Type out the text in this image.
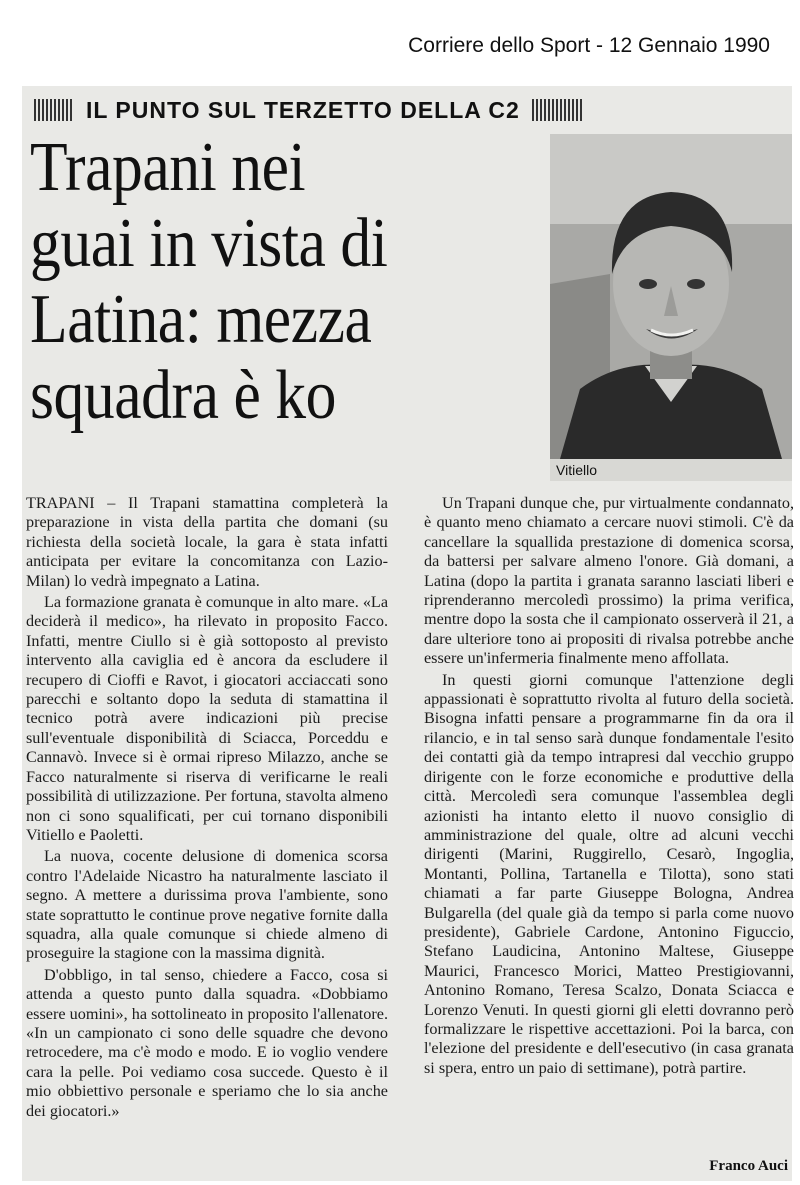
Corriere dello Sport - 12 Gennaio 1990
IL PUNTO SUL TERZETTO DELLA C2
Trapani nei
guai in vista di
Latina: mezza
squadra è ko
Vitiello

TRAPANI – Il Trapani stamattina completerà la preparazione in vista della partita che domani (su richiesta della società locale, la gara è stata infatti anticipata per evitare la concomitanza con Lazio-Milan) lo vedrà impegnato a Latina.

La formazione granata è comunque in alto mare. «La deciderà il medico», ha rilevato in proposito Facco. Infatti, mentre Ciullo si è già sottoposto al previsto intervento alla caviglia ed è ancora da escludere il recupero di Cioffi e Ravot, i giocatori acciaccati sono parecchi e soltanto dopo la seduta di stamattina il tecnico potrà avere indicazioni più precise sull'eventuale disponibilità di Sciacca, Porceddu e Cannavò. Invece si è ormai ripreso Milazzo, anche se Facco naturalmente si riserva di verificarne le reali possibilità di utilizzazione. Per fortuna, stavolta almeno non ci sono squalificati, per cui tornano disponibili Vitiello e Paoletti.

La nuova, cocente delusione di domenica scorsa contro l'Adelaide Nicastro ha naturalmente lasciato il segno. A mettere a durissima prova l'ambiente, sono state soprattutto le continue prove negative fornite dalla squadra, alla quale comunque si chiede almeno di proseguire la stagione con la massima dignità.

D'obbligo, in tal senso, chiedere a Facco, cosa si attenda a questo punto dalla squadra. «Dobbiamo essere uomini», ha sottolineato in proposito l'allenatore. «In un campionato ci sono delle squadre che devono retrocedere, ma c'è modo e modo. E io voglio vendere cara la pelle. Poi vediamo cosa succede. Questo è il mio obbiettivo personale e speriamo che lo sia anche dei giocatori.»

Un Trapani dunque che, pur virtualmente condannato, è quanto meno chiamato a cercare nuovi stimoli. C'è da cancellare la squallida prestazione di domenica scorsa, da battersi per salvare almeno l'onore. Già domani, a Latina (dopo la partita i granata saranno lasciati liberi e riprenderanno mercoledì prossimo) la prima verifica, mentre dopo la sosta che il campionato osserverà il 21, a dare ulteriore tono ai propositi di rivalsa potrebbe anche essere un'infermeria finalmente meno affollata.

In questi giorni comunque l'attenzione degli appassionati è soprattutto rivolta al futuro della società. Bisogna infatti pensare a programmarne fin da ora il rilancio, e in tal senso sarà dunque fondamentale l'esito dei contatti già da tempo intrapresi dal vecchio gruppo dirigente con le forze economiche e produttive della città. Mercoledì sera comunque l'assemblea degli azionisti ha intanto eletto il nuovo consiglio di amministrazione del quale, oltre ad alcuni vecchi dirigenti (Marini, Ruggirello, Cesarò, Ingoglia, Montanti, Pollina, Tartanella e Tilotta), sono stati chiamati a far parte Giuseppe Bologna, Andrea Bulgarella (del quale già da tempo si parla come nuovo presidente), Gabriele Cardone, Antonino Figuccio, Stefano Laudicina, Antonino Maltese, Giuseppe Maurici, Francesco Morici, Matteo Prestigiovanni, Antonino Romano, Teresa Scalzo, Donata Sciacca e Lorenzo Venuti. In questi giorni gli eletti dovranno però formalizzare le rispettive accettazioni. Poi la barca, con l'elezione del presidente e dell'esecutivo (in casa granata si spera, entro un paio di settimane), potrà partire.

Franco Auci
